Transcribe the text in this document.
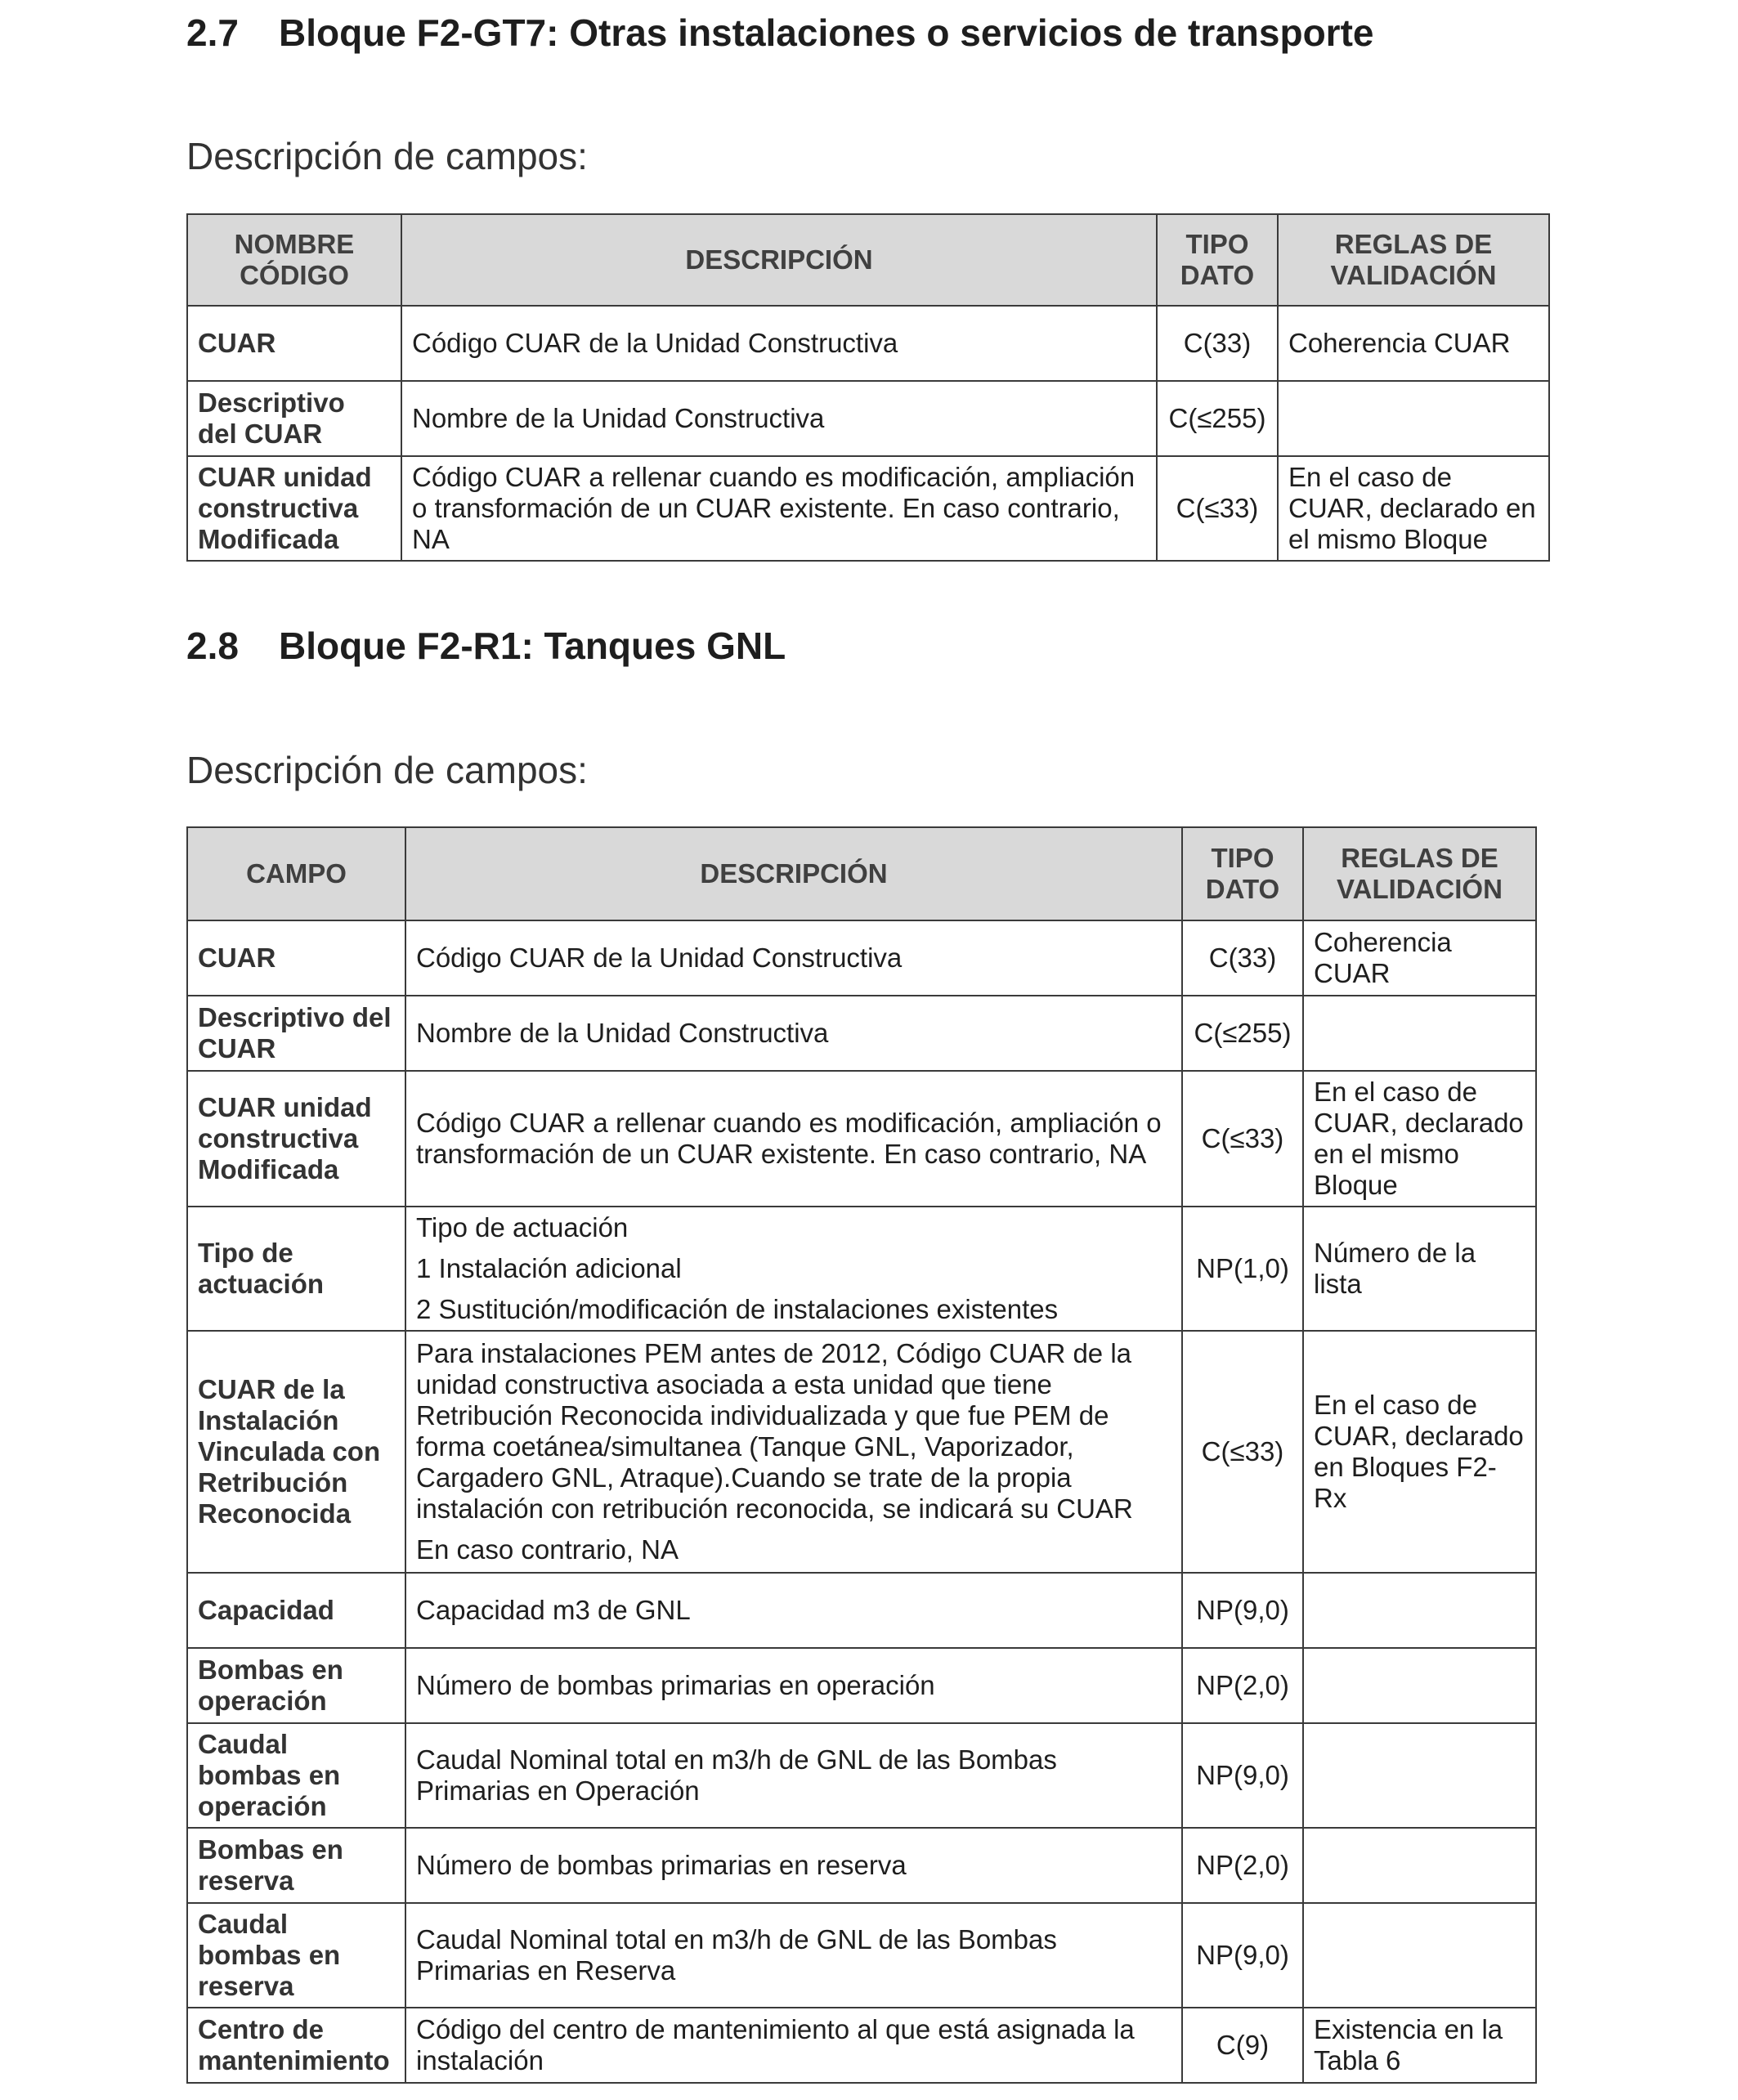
2.7 Bloque F2-GT7: Otras instalaciones o servicios de transporte
Descripción de campos:
NOMBRE CÓDIGO	DESCRIPCIÓN	TIPO DATO	REGLAS DE VALIDACIÓN
CUAR	Código CUAR de la Unidad Constructiva	C(33)	Coherencia CUAR
Descriptivo del CUAR	Nombre de la Unidad Constructiva	C(≤255)	
CUAR unidad constructiva Modificada	Código CUAR a rellenar cuando es modificación, ampliación o transformación de un CUAR existente. En caso contrario, NA	C(≤33)	En el caso de CUAR, declarado en el mismo Bloque
2.8 Bloque F2-R1: Tanques GNL
Descripción de campos:
CAMPO	DESCRIPCIÓN	TIPO DATO	REGLAS DE VALIDACIÓN
CUAR	Código CUAR de la Unidad Constructiva	C(33)	Coherencia CUAR
Descriptivo del CUAR	Nombre de la Unidad Constructiva	C(≤255)	
CUAR unidad constructiva Modificada	Código CUAR a rellenar cuando es modificación, ampliación o transformación de un CUAR existente. En caso contrario, NA	C(≤33)	En el caso de CUAR, declarado en el mismo Bloque
Tipo de actuación	Tipo de actuación

1 Instalación adicional

2 Sustitución/modificación de instalaciones existentes	NP(1,0)	Número de la lista
CUAR de la Instalación Vinculada con Retribución Reconocida	Para instalaciones PEM antes de 2012, Código CUAR de la unidad constructiva asociada a esta unidad que tiene Retribución Reconocida individualizada y que fue PEM de forma coetánea/simultanea (Tanque GNL, Vaporizador, Cargadero GNL, Atraque).Cuando se trate de la propia instalación con retribución reconocida, se indicará su CUAR

En caso contrario, NA	C(≤33)	En el caso de CUAR, declarado en Bloques F2-Rx
Capacidad	Capacidad m3 de GNL	NP(9,0)	
Bombas en operación	Número de bombas primarias en operación	NP(2,0)	
Caudal bombas en operación	Caudal Nominal total en m3/h de GNL de las Bombas Primarias en Operación	NP(9,0)	
Bombas en reserva	Número de bombas primarias en reserva	NP(2,0)	
Caudal bombas en reserva	Caudal Nominal total en m3/h de GNL de las Bombas Primarias en Reserva	NP(9,0)	
Centro de mantenimiento	Código del centro de mantenimiento al que está asignada la instalación	C(9)	Existencia en la Tabla 6
